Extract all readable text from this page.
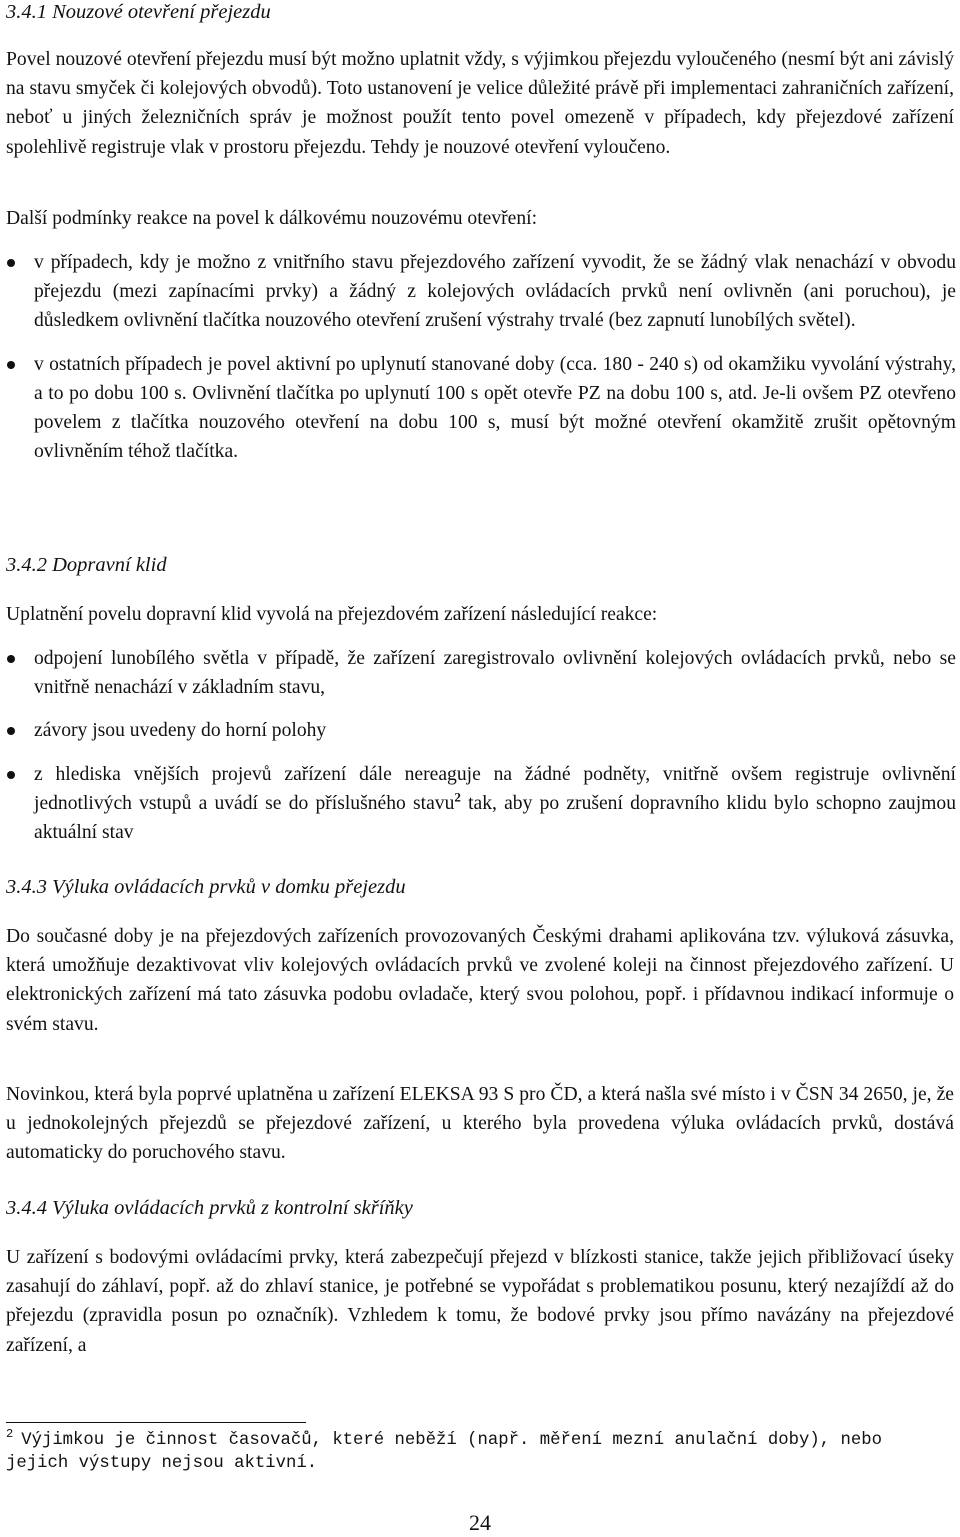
3.4.1 Nouzové otevření přejezdu

Povel nouzové otevření přejezdu musí být možno uplatnit vždy, s výjimkou přejezdu vyloučeného (nesmí být ani závislý na stavu smyček či kolejových obvodů). Toto ustanovení je velice důležité právě při implementaci zahraničních zařízení, neboť u jiných železničních správ je možnost použít tento povel omezeně v případech, kdy přejezdové zařízení spolehlivě registruje vlak v prostoru přejezdu. Tehdy je nouzové otevření vyloučeno.

Další podmínky reakce na povel k dálkovému nouzovému otevření:

v případech, kdy je možno z vnitřního stavu přejezdového zařízení vyvodit, že se žádný vlak nenachází v obvodu přejezdu (mezi zapínacími prvky) a žádný z kolejových ovládacích prvků není ovlivněn (ani poruchou), je důsledkem ovlivnění tlačítka nouzového otevření zrušení výstrahy trvalé (bez zapnutí lunobílých světel).

v ostatních případech je povel aktivní po uplynutí stanované doby (cca. 180 - 240 s) od okamžiku vyvolání výstrahy, a to po dobu 100 s. Ovlivnění tlačítka po uplynutí 100 s opět otevře PZ na dobu 100 s, atd. Je-li ovšem PZ otevřeno povelem z tlačítka nouzového otevření na dobu 100 s, musí být možné otevření okamžitě zrušit opětovným ovlivněním téhož tlačítka.

3.4.2 Dopravní klid

Uplatnění povelu dopravní klid vyvolá na přejezdovém zařízení následující reakce:

odpojení lunobílého světla v případě, že zařízení zaregistrovalo ovlivnění kolejových ovládacích prvků, nebo se vnitřně nenachází v základním stavu,

závory jsou uvedeny do horní polohy

z hlediska vnějších projevů zařízení dále nereaguje na žádné podněty, vnitřně ovšem registruje ovlivnění jednotlivých vstupů a uvádí se do příslušného stavu$^2$ tak, aby po zrušení dopravního klidu bylo schopno zaujmou aktuální stav

3.4.3 Výluka ovládacích prvků v domku přejezdu

Do současné doby je na přejezdových zařízeních provozovaných Českými drahami aplikována tzv. výluková zásuvka, která umožňuje dezaktivovat vliv kolejových ovládacích prvků ve zvolené koleji na činnost přejezdového zařízení. U elektronických zařízení má tato zásuvka podobu ovladače, který svou polohou, popř. i přídavnou indikací informuje o svém stavu.

Novinkou, která byla poprvé uplatněna u zařízení ELEKSA 93 S pro ČD, a která našla své místo i v ČSN 34 2650, je, že u jednokolejných přejezdů se přejezdové zařízení, u kterého byla provedena výluka ovládacích prvků, dostává automaticky do poruchového stavu.

3.4.4 Výluka ovládacích prvků z kontrolní skříňky

U zařízení s bodovými ovládacími prvky, která zabezpečují přejezd v blízkosti stanice, takže jejich přibližovací úseky zasahují do záhlaví, popř. až do zhlaví stanice, je potřebné se vypořádat s problematikou posunu, který nezajíždí až do přejezdu (zpravidla posun po označník). Vzhledem k tomu, že bodové prvky jsou přímo navázány na přejezdové zařízení, a

$^2$ Výjimkou je činnost časovačů, které neběží (např. měření mezní anulační doby), nebo jejich výstupy nejsou aktivní.
24
